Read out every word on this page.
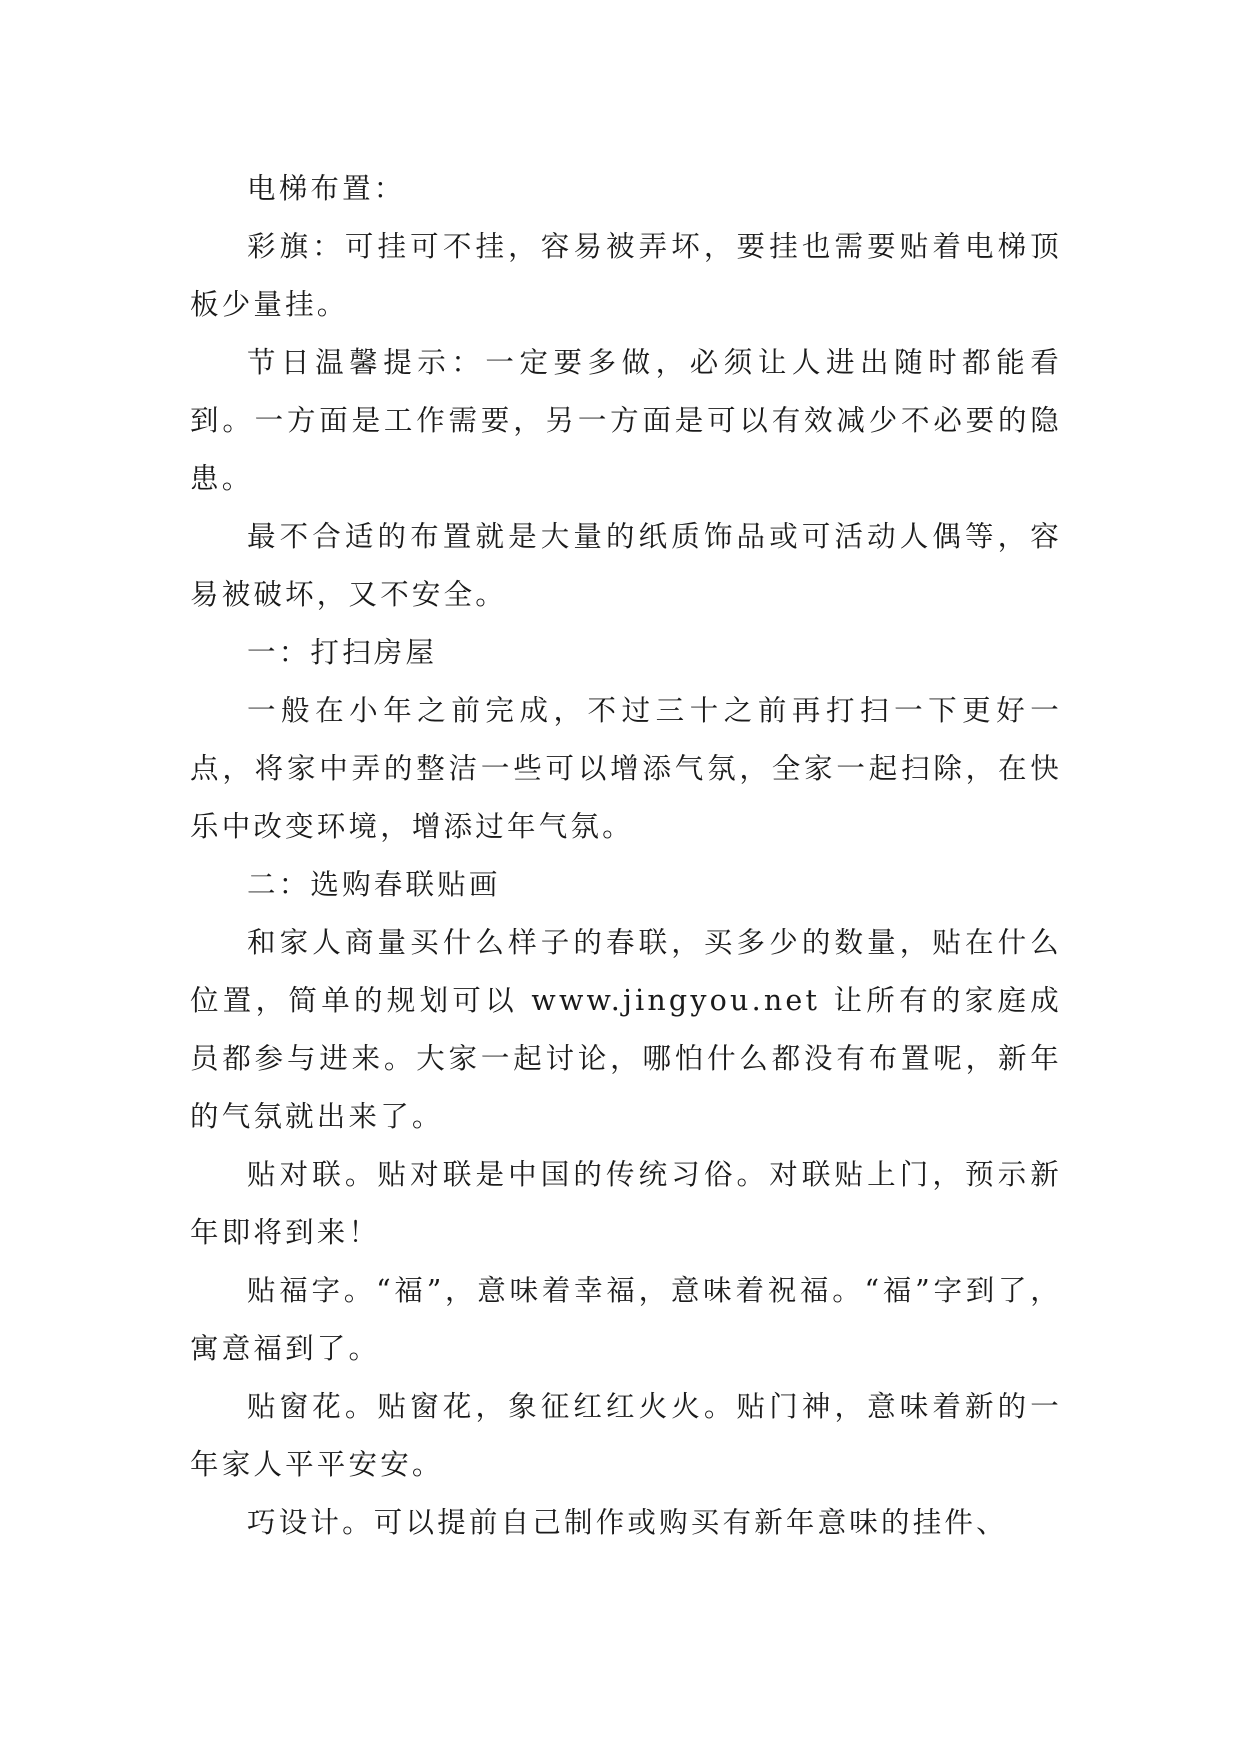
电梯布置：

彩旗：可挂可不挂，容易被弄坏，要挂也需要贴着电梯顶板少量挂。

节日温馨提示：一定要多做，必须让人进出随时都能看到。一方面是工作需要，另一方面是可以有效减少不必要的隐患。

最不合适的布置就是大量的纸质饰品或可活动人偶等，容易被破坏，又不安全。

一：打扫房屋

一般在小年之前完成，不过三十之前再打扫一下更好一点，将家中弄的整洁一些可以增添气氛，全家一起扫除，在快乐中改变环境，增添过年气氛。

二：选购春联贴画

和家人商量买什么样子的春联，买多少的数量，贴在什么位置，简单的规划可以 www.jingyou.net 让所有的家庭成员都参与进来。大家一起讨论，哪怕什么都没有布置呢，新年的气氛就出来了。

贴对联。贴对联是中国的传统习俗。对联贴上门，预示新年即将到来！

贴福字。“福”，意味着幸福，意味着祝福。“福”字到了，寓意福到了。

贴窗花。贴窗花，象征红红火火。贴门神，意味着新的一年家人平平安安。

巧设计。可以提前自己制作或购买有新年意味的挂件、
